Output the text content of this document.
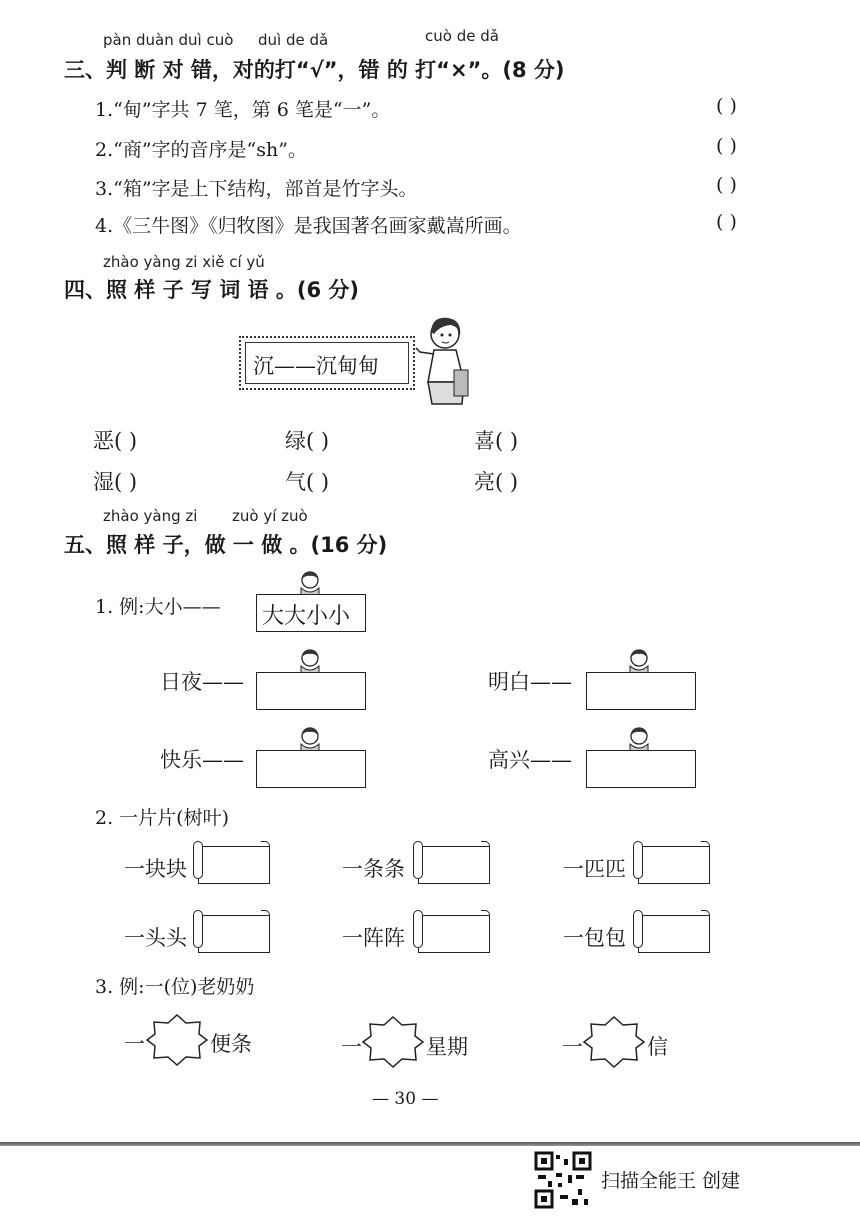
pàn duàn duì cuò duì de dǎ	cuò de dǎ
三、判 断 对 错，对的打“√”，错 的 打“×”。(8 分)
1.“甸”字共 7 笔，第 6 笔是“一”。	( )
2.“商”字的音序是“sh”。	( )
3.“箱”字是上下结构，部首是竹字头。	( )
4.《三牛图》《归牧图》是我国著名画家戴嵩所画。	( )
zhào yàng zi xiě cí yǔ
四、照 样 子 写 词 语 。(6 分)
沉——沉甸甸
恶( )	绿( )	喜( )
湿( )	气( )	亮( )
zhào yàng zi zuò yí zuò
五、照 样 子，做 一 做 。(16 分)
1. 例:大小—— 大大小小
日夜——	明白——
快乐——	高兴——
2. 一片片(树叶)
一块块	一条条	一匹匹
一头头	一阵阵	一包包
3. 例:一(位)老奶奶
一	便条	一	星期	一	信
— 30 —
扫描全能王 创建
